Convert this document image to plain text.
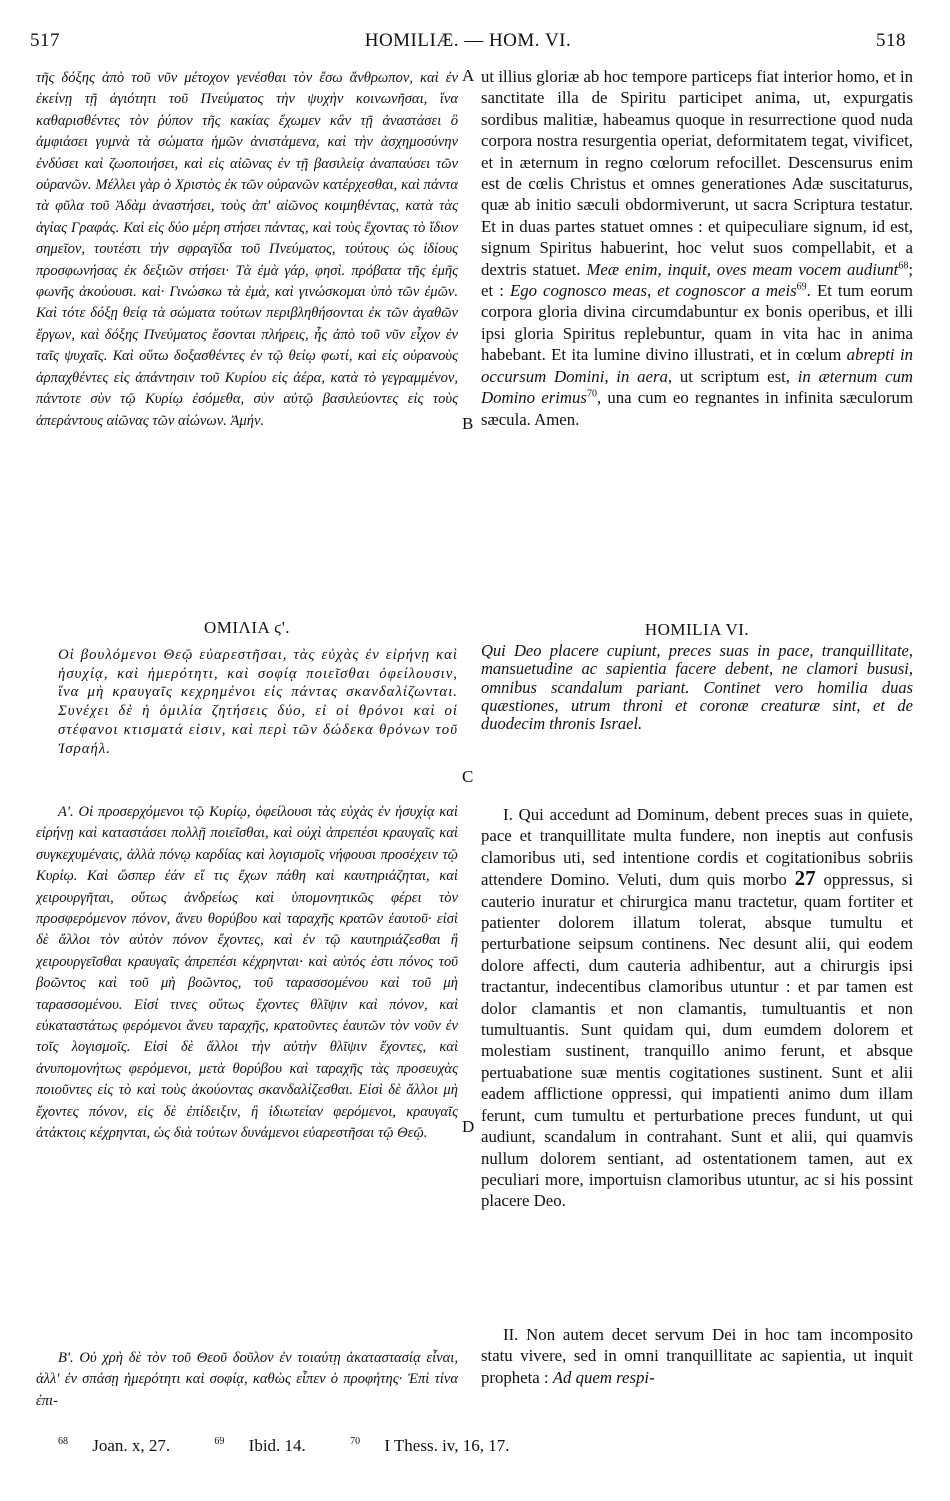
517	HOMILIÆ. — HOM. VI.	518

τῆς δόξης ἀπὸ τοῦ νῦν μέτοχον γενέσθαι τὸν ἔσω ἄνθρωπον, καὶ ἐν ἐκείνῃ τῇ ἁγιότητι τοῦ Πνεύματος τὴν ψυχὴν κοινωνῆσαι, ἵνα καθαρισθέντες τὸν ῥύπον τῆς κακίας ἔχωμεν κἂν τῇ ἀναστάσει ὃ ἀμφιάσει γυμνὰ τὰ σώματα ἡμῶν ἀνιστάμενα, καὶ τὴν ἀσχημοσύνην ἐνδύσει καὶ ζωοποιήσει, καὶ εἰς αἰῶνας ἐν τῇ βασιλείᾳ ἀναπαύσει τῶν οὐρανῶν. Μέλλει γὰρ ὁ Χριστὸς ἐκ τῶν οὐρανῶν κατέρχεσθαι, καὶ πάντα τὰ φῦλα τοῦ Ἀδὰμ ἀναστήσει, τοὺς ἀπ' αἰῶνος κοιμηθέντας, κατὰ τὰς ἁγίας Γραφάς. Καὶ εἰς δύο μέρη στήσει πάντας, καὶ τοὺς ἔχοντας τὸ ἴδιον σημεῖον, τουτέστι τὴν σφραγῖδα τοῦ Πνεύματος, τούτους ὡς ἰδίους προσφωνήσας ἐκ δεξιῶν στήσει· Τὰ ἐμὰ γάρ, φησὶ. πρόβατα τῆς ἐμῆς φωνῆς ἀκούουσι. καὶ· Γινώσκω τὰ ἐμὰ, καὶ γινώσκομαι ὑπὸ τῶν ἐμῶν. Καὶ τότε δόξῃ θείᾳ τὰ σώματα τούτων περιβληθήσονται ἐκ τῶν ἀγαθῶν ἔργων, καὶ δόξης Πνεύματος ἔσονται πλήρεις, ἧς ἀπὸ τοῦ νῦν εἶχον ἐν ταῖς ψυχαῖς. Καὶ οὕτω δοξασθέντες ἐν τῷ θείῳ φωτί, καὶ εἰς οὐρανοὺς ἁρπαχθέντες εἰς ἀπάντησιν τοῦ Κυρίου εἰς ἀέρα, κατὰ τὸ γεγραμμένον, πάντοτε σὺν τῷ Κυρίῳ ἐσόμεθα, σὺν αὐτῷ βασιλεύοντες εἰς τοὺς ἀπεράντους αἰῶνας τῶν αἰώνων. Ἀμήν.

ut illius gloriæ ab hoc tempore particeps fiat interior homo, et in sanctitate illa de Spiritu participet anima, ut, expurgatis sordibus malitiæ, habeamus quoque in resurrectione quod nuda corpora nostra resurgentia operiat, deformitatem tegat, vivificet, et in æternum in regno cœlorum refocillet. Descensurus enim est de cœlis Christus et omnes generationes Adæ suscitaturus, quæ ab initio sæculi obdormiverunt, ut sacra Scriptura testatur. Et in duas partes statuet omnes : et quipeculiare signum, id est, signum Spiritus habuerint, hoc velut suos compellabit, et a dextris statuet. Meæ enim, inquit, oves meam vocem audiunt$^{68}$; et : Ego cognosco meas, et cognoscor a meis$^{69}$. Et tum eorum corpora gloria divina circumdabuntur ex bonis operibus, et illi ipsi gloria Spiritus replebuntur, quam in vita hac in anima habebant. Et ita lumine divino illustrati, et in cœlum abrepti in occursum Domini, in aera, ut scriptum est, in æternum cum Domino erimus$^{70}$, una cum eo regnantes in infinita sæculorum sæcula. Amen.

A
B
C
D
ΟΜΙΛΙΑ ϛ'.	HOMILIA VI.
Οἱ βουλόμενοι Θεῷ εὐαρεστῆσαι, τὰς εὐχὰς ἐν εἰρήνῃ καὶ ἡσυχίᾳ, καὶ ἡμερότητι, καὶ σοφίᾳ ποιεῖσθαι ὀφείλουσιν, ἵνα μὴ κραυγαῖς κεχρημένοι εἰς πάντας σκανδαλίζωνται. Συνέχει δὲ ἡ ὁμιλία ζητήσεις δύο, εἰ οἱ θρόνοι καὶ οἱ στέφανοι κτισματά εἰσιν, καὶ περὶ τῶν δώδεκα θρόνων τοῦ Ἰσραήλ.
Qui Deo placere cupiunt, preces suas in pace, tranquillitate, mansuetudine ac sapientia facere debent, ne clamori bususi, omnibus scandalum pariant. Continet vero homilia duas quæstiones, utrum throni et coronæ creaturæ sint, et de duodecim thronis Israel.

Α'. Οἱ προσερχόμενοι τῷ Κυρίῳ, ὀφείλουσι τὰς εὐχὰς ἐν ἡσυχίᾳ καὶ εἰρήνῃ καὶ καταστάσει πολλῇ ποιεῖσθαι, καὶ οὐχὶ ἀπρεπέσι κραυγαῖς καὶ συγκεχυμέναις, ἀλλὰ πόνῳ καρδίας καὶ λογισμοῖς νήφουσι προσέχειν τῷ Κυρίῳ. Καὶ ὥσπερ ἐάν εἴ τις ἔχων πάθη καὶ καυτηριάζηται, καὶ χειρουργῆται, οὕτως ἀνδρείως καὶ ὑπομονητικῶς φέρει τὸν προσφερόμενον πόνον, ἄνευ θορύβου καὶ ταραχῆς κρατῶν ἑαυτοῦ· εἰσὶ δὲ ἄλλοι τὸν αὐτὸν πόνον ἔχοντες, καὶ ἐν τῷ καυτηριάζεσθαι ἢ χειρουργεῖσθαι κραυγαῖς ἀπρεπέσι κέχρηνται· καὶ αὐτός ἐστι πόνος τοῦ βοῶντος καὶ τοῦ μὴ βοῶντος, τοῦ ταρασσομένου καὶ τοῦ μὴ ταρασσομένου. Εἰσί τινες οὕτως ἔχοντες θλῖψιν καὶ πόνον, καὶ εὐκαταστάτως φερόμενοι ἄνευ ταραχῆς, κρατοῦντες ἑαυτῶν τὸν νοῦν ἐν τοῖς λογισμοῖς. Εἰσὶ δὲ ἄλλοι τὴν αὐτὴν θλῖψιν ἔχοντες, καὶ ἀνυπομονήτως φερόμενοι, μετὰ θορύβου καὶ ταραχῆς τὰς προσευχὰς ποιοῦντες εἰς τὸ καὶ τοὺς ἀκούοντας σκανδαλίζεσθαι. Εἰσὶ δὲ ἄλλοι μὴ ἔχοντες πόνον, εἰς δὲ ἐπίδειξιν, ἢ ἰδιωτείαν φερόμενοι, κραυγαῖς ἀτάκτοις κέχρηνται, ὡς διὰ τούτων δυνάμενοι εὐαρεστῆσαι τῷ Θεῷ.

Β'. Οὐ χρὴ δὲ τὸν τοῦ Θεοῦ δοῦλον ἐν τοιαύτῃ ἀκαταστασίᾳ εἶναι, ἀλλ' ἐν σπάσῃ ἡμερότητι καὶ σοφίᾳ, καθὼς εἶπεν ὁ προφήτης· Ἐπὶ τίνα ἐπι-

I. Qui accedunt ad Dominum, debent preces suas in quiete, pace et tranquillitate multa fundere, non ineptis aut confusis clamoribus uti, sed intentione cordis et cogitationibus sobriis attendere Domino. Veluti, dum quis morbo 27 oppressus, si cauterio inuratur et chirurgica manu tractetur, quam fortiter et patienter dolorem illatum tolerat, absque tumultu et perturbatione seipsum continens. Nec desunt alii, qui eodem dolore affecti, dum cauteria adhibentur, aut a chirurgis ipsi tractantur, indecentibus clamoribus utuntur : et par tamen est dolor clamantis et non clamantis, tumultuantis et non tumultuantis. Sunt quidam qui, dum eumdem dolorem et molestiam sustinent, tranquillo animo ferunt, et absque pertuabatione suæ mentis cogitationes sustinent. Sunt et alii eadem afflictione oppressi, qui impatienti animo dum illam ferunt, cum tumultu et perturbatione preces fundunt, ut qui audiunt, scandalum in contrahant. Sunt et alii, qui quamvis nullum dolorem sentiant, ad ostentationem tamen, aut ex peculiari more, importuisn clamoribus utuntur, ac si his possint placere Deo.

II. Non autem decet servum Dei in hoc tam incomposito statu vivere, sed in omni tranquillitate ac sapientia, ut inquit propheta : Ad quem respi-

$^{68}$ Joan. x, 27.	$^{69}$ Ibid. 14.	$^{70}$ I Thess. iv, 16, 17.
